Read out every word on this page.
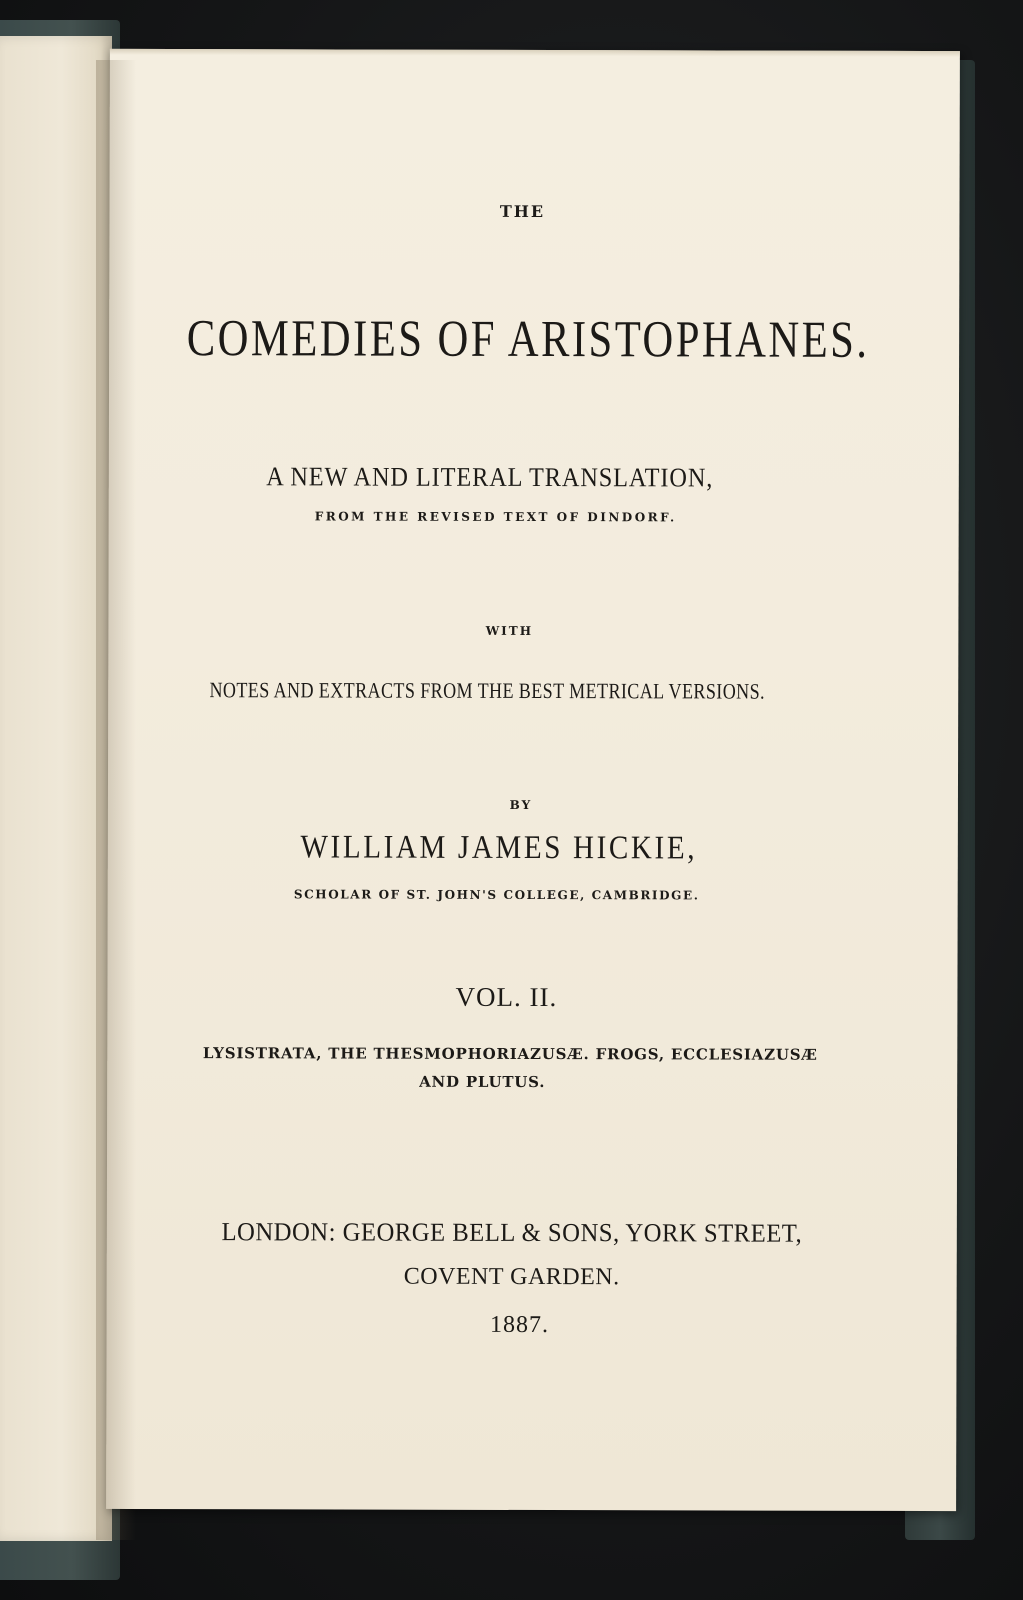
THE
COMEDIES OF ARISTOPHANES.
A NEW AND LITERAL TRANSLATION,
FROM THE REVISED TEXT OF DINDORF.
WITH
NOTES AND EXTRACTS FROM THE BEST METRICAL VERSIONS.
BY
WILLIAM JAMES HICKIE,
SCHOLAR OF ST. JOHN'S COLLEGE, CAMBRIDGE.
VOL. II.
LYSISTRATA, THE THESMOPHORIAZUSÆ. FROGS, ECCLESIAZUSÆ
AND PLUTUS.
LONDON: GEORGE BELL & SONS, YORK STREET,
COVENT GARDEN.
1887.
